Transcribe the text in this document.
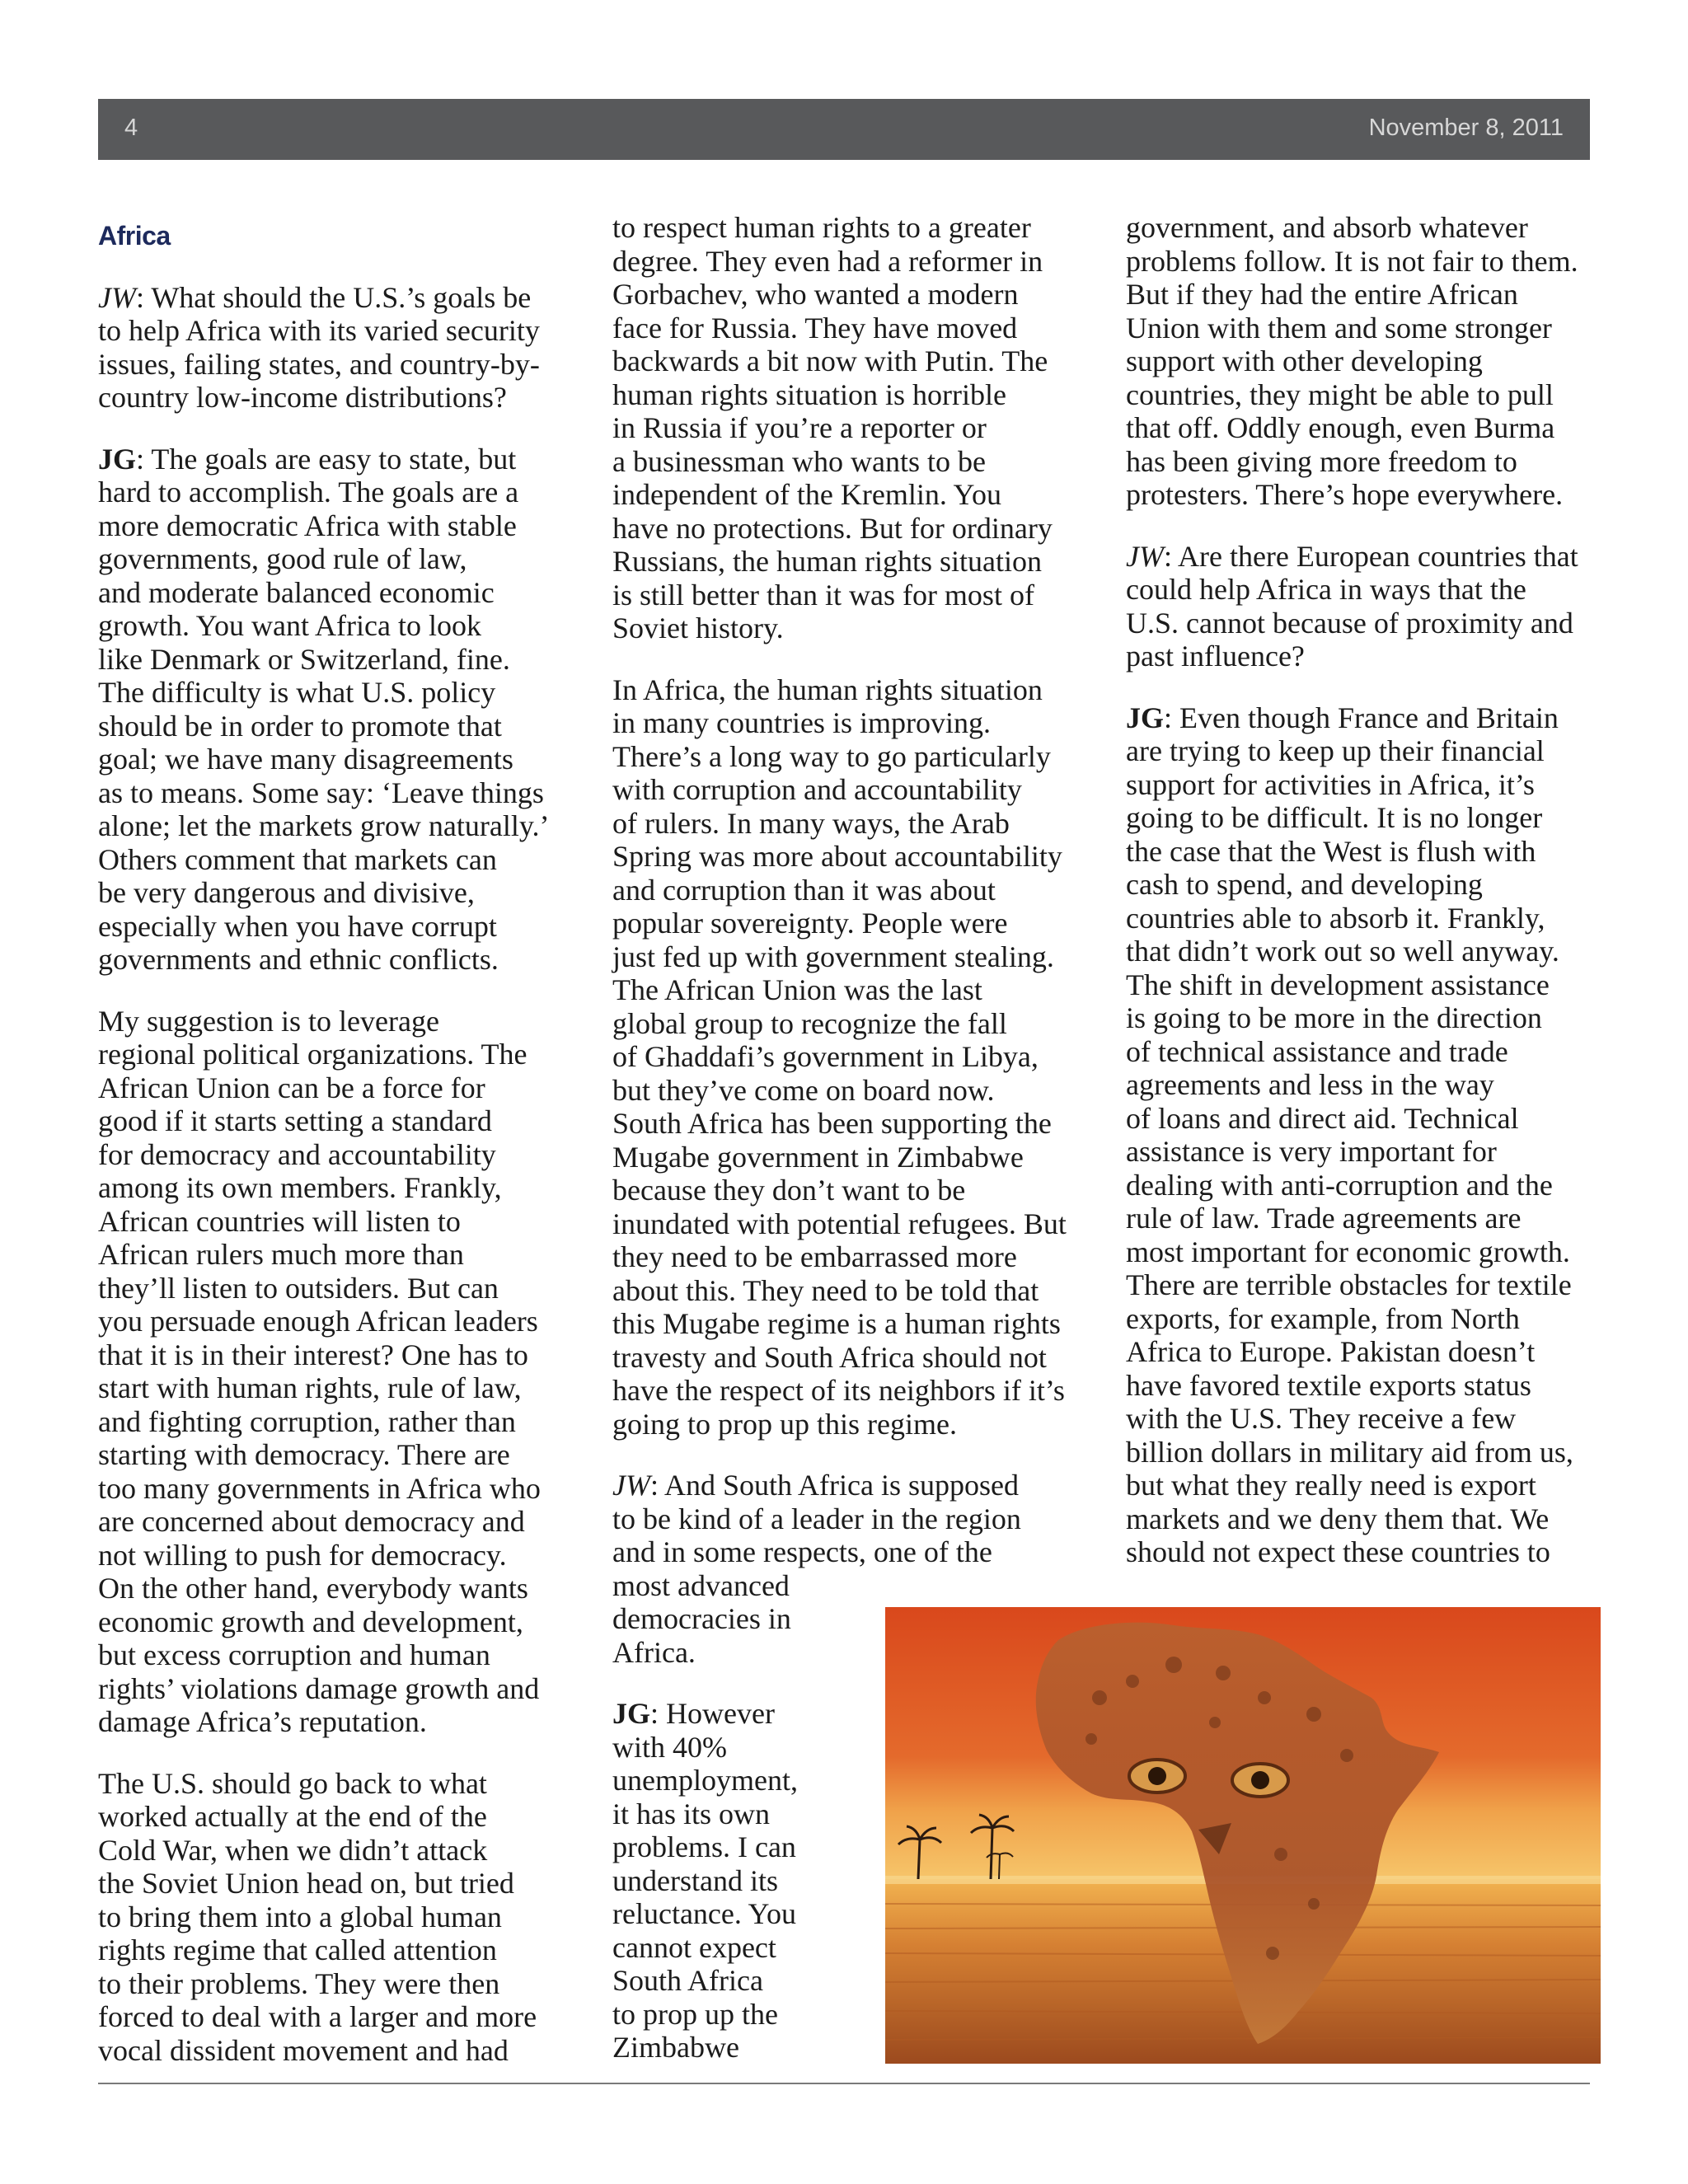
4	November 8, 2011
Africa

JW: What should the U.S.’s goals be
to help Africa with its varied security
issues, failing states, and country-by-
country low-income distributions?

JG: The goals are easy to state, but
hard to accomplish. The goals are a
more democratic Africa with stable
governments, good rule of law,
and moderate balanced economic
growth. You want Africa to look
like Denmark or Switzerland, fine.
The difficulty is what U.S. policy
should be in order to promote that
goal; we have many disagreements
as to means. Some say: ‘Leave things
alone; let the markets grow naturally.’
Others comment that markets can
be very dangerous and divisive,
especially when you have corrupt
governments and ethnic conflicts.

My suggestion is to leverage
regional political organizations. The
African Union can be a force for
good if it starts setting a standard
for democracy and accountability
among its own members. Frankly,
African countries will listen to
African rulers much more than
they’ll listen to outsiders. But can
you persuade enough African leaders
that it is in their interest? One has to
start with human rights, rule of law,
and fighting corruption, rather than
starting with democracy. There are
too many governments in Africa who
are concerned about democracy and
not willing to push for democracy.
On the other hand, everybody wants
economic growth and development,
but excess corruption and human
rights’ violations damage growth and
damage Africa’s reputation.

The U.S. should go back to what
worked actually at the end of the
Cold War, when we didn’t attack
the Soviet Union head on, but tried
to bring them into a global human
rights regime that called attention
to their problems. They were then
forced to deal with a larger and more
vocal dissident movement and had

to respect human rights to a greater
degree. They even had a reformer in
Gorbachev, who wanted a modern
face for Russia. They have moved
backwards a bit now with Putin. The
human rights situation is horrible
in Russia if you’re a reporter or
a businessman who wants to be
independent of the Kremlin. You
have no protections. But for ordinary
Russians, the human rights situation
is still better than it was for most of
Soviet history.

In Africa, the human rights situation
in many countries is improving.
There’s a long way to go particularly
with corruption and accountability
of rulers. In many ways, the Arab
Spring was more about accountability
and corruption than it was about
popular sovereignty. People were
just fed up with government stealing.
The African Union was the last
global group to recognize the fall
of Ghaddafi’s government in Libya,
but they’ve come on board now.
South Africa has been supporting the
Mugabe government in Zimbabwe
because they don’t want to be
inundated with potential refugees. But
they need to be embarrassed more
about this. They need to be told that
this Mugabe regime is a human rights
travesty and South Africa should not
have the respect of its neighbors if it’s
going to prop up this regime.

JW: And South Africa is supposed
to be kind of a leader in the region
and in some respects, one of the
most advanced
democracies in
Africa.

JG: However
with 40%
unemployment,
it has its own
problems. I can
understand its
reluctance. You
cannot expect
South Africa
to prop up the
Zimbabwe

government, and absorb whatever
problems follow. It is not fair to them.
But if they had the entire African
Union with them and some stronger
support with other developing
countries, they might be able to pull
that off. Oddly enough, even Burma
has been giving more freedom to
protesters. There’s hope everywhere.

JW: Are there European countries that
could help Africa in ways that the
U.S. cannot because of proximity and
past influence?

JG: Even though France and Britain
are trying to keep up their financial
support for activities in Africa, it’s
going to be difficult. It is no longer
the case that the West is flush with
cash to spend, and developing
countries able to absorb it. Frankly,
that didn’t work out so well anyway.
The shift in development assistance
is going to be more in the direction
of technical assistance and trade
agreements and less in the way
of loans and direct aid. Technical
assistance is very important for
dealing with anti-corruption and the
rule of law. Trade agreements are
most important for economic growth.
There are terrible obstacles for textile
exports, for example, from North
Africa to Europe. Pakistan doesn’t
have favored textile exports status
with the U.S. They receive a few
billion dollars in military aid from us,
but what they really need is export
markets and we deny them that. We
should not expect these countries to
